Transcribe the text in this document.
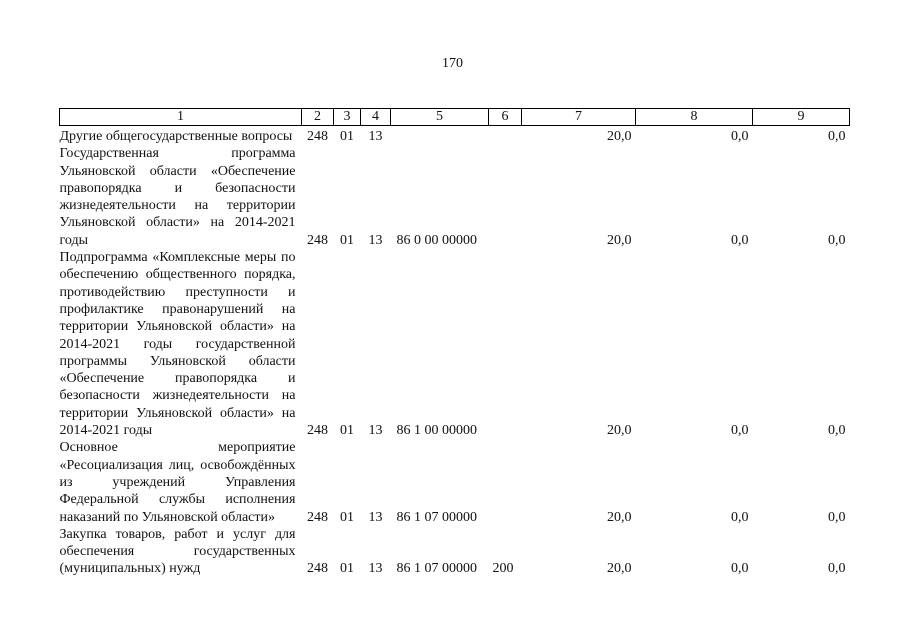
170
1	2	3	4	5	6	7	8	9
Другие общегосударственные вопросы	248	01	13			20,0	0,0	0,0
Государственная программа Ульяновской области «Обеспечение правопорядка и безопасности жизнедеятельности на территории Ульяновской области» на 2014-2021 годы	248	01	13	86 0 00 00000		20,0	0,0	0,0
Подпрограмма «Комплексные меры по обеспечению общественного порядка, противодействию преступности и профилактике правонарушений на территории Ульяновской области» на 2014-2021 годы государственной программы Ульяновской области «Обеспечение правопорядка и безопасности жизнедеятельности на территории Ульяновской области» на 2014-2021 годы	248	01	13	86 1 00 00000		20,0	0,0	0,0
Основное мероприятие «Ресоциализация лиц, освобождённых из учреждений Управления Федеральной службы исполнения наказаний по Ульяновской области»	248	01	13	86 1 07 00000		20,0	0,0	0,0
Закупка товаров, работ и услуг для обеспечения государственных (муниципальных) нужд	248	01	13	86 1 07 00000	200	20,0	0,0	0,0
